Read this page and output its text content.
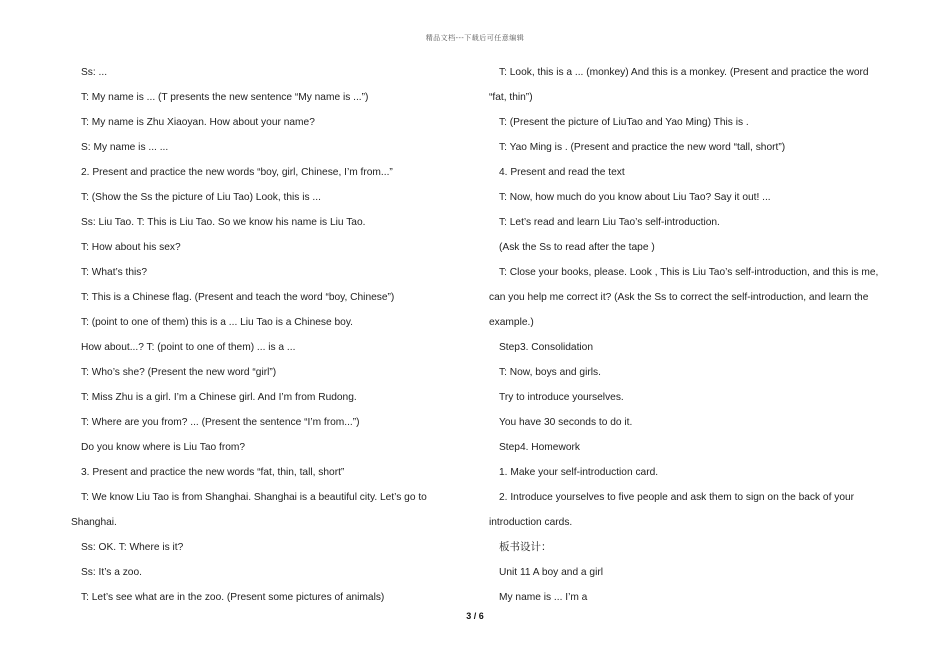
精品文档---下载后可任意编辑
Ss: ...
T: My name is ... (T presents the new sentence “My name is ...”)
T: My name is Zhu Xiaoyan. How about your name?
S: My name is ... ...
2. Present and practice the new words “boy, girl, Chinese, I’m from...”
T: (Show the Ss the picture of Liu Tao) Look, this is ...
Ss: Liu Tao. T: This is Liu Tao. So we know his name is Liu Tao.
T: How about his sex?
T: What’s this?
T: This is a Chinese flag. (Present and teach the word “boy, Chinese”)
T: (point to one of them) this is a ... Liu Tao is a Chinese boy.
How about...? T: (point to one of them) ... is a ...
T: Who’s she? (Present the new word “girl”)
T: Miss Zhu is a girl. I’m a Chinese girl. And I’m from Rudong.
T: Where are you from? ... (Present the sentence “I’m from...”)
Do you know where is Liu Tao from?
3. Present and practice the new words “fat, thin, tall, short”
T: We know Liu Tao is from Shanghai. Shanghai is a beautiful city. Let’s go to
Shanghai.
Ss: OK. T: Where is it?
Ss: It’s a zoo.
T: Let’s see what are in the zoo. (Present some pictures of animals)
T: Look, this is a ... (monkey) And this is a monkey. (Present and practice the word
“fat, thin”)
T: (Present the picture of LiuTao and Yao Ming) This is .
T: Yao Ming is . (Present and practice the new word “tall, short”)
4. Present and read the text
T: Now, how much do you know about Liu Tao? Say it out! ...
T: Let’s read and learn Liu Tao’s self-introduction.
(Ask the Ss to read after the tape )
T: Close your books, please. Look , This is Liu Tao’s self-introduction, and this is me,
can you help me correct it? (Ask the Ss to correct the self-introduction, and learn the
example.)
Step3. Consolidation
T: Now, boys and girls.
Try to introduce yourselves.
You have 30 seconds to do it.
Step4. Homework
1. Make your self-introduction card.
2. Introduce yourselves to five people and ask them to sign on the back of your
introduction cards.
板书设计：
Unit 11 A boy and a girl
My name is ... I’m a
3 / 6
